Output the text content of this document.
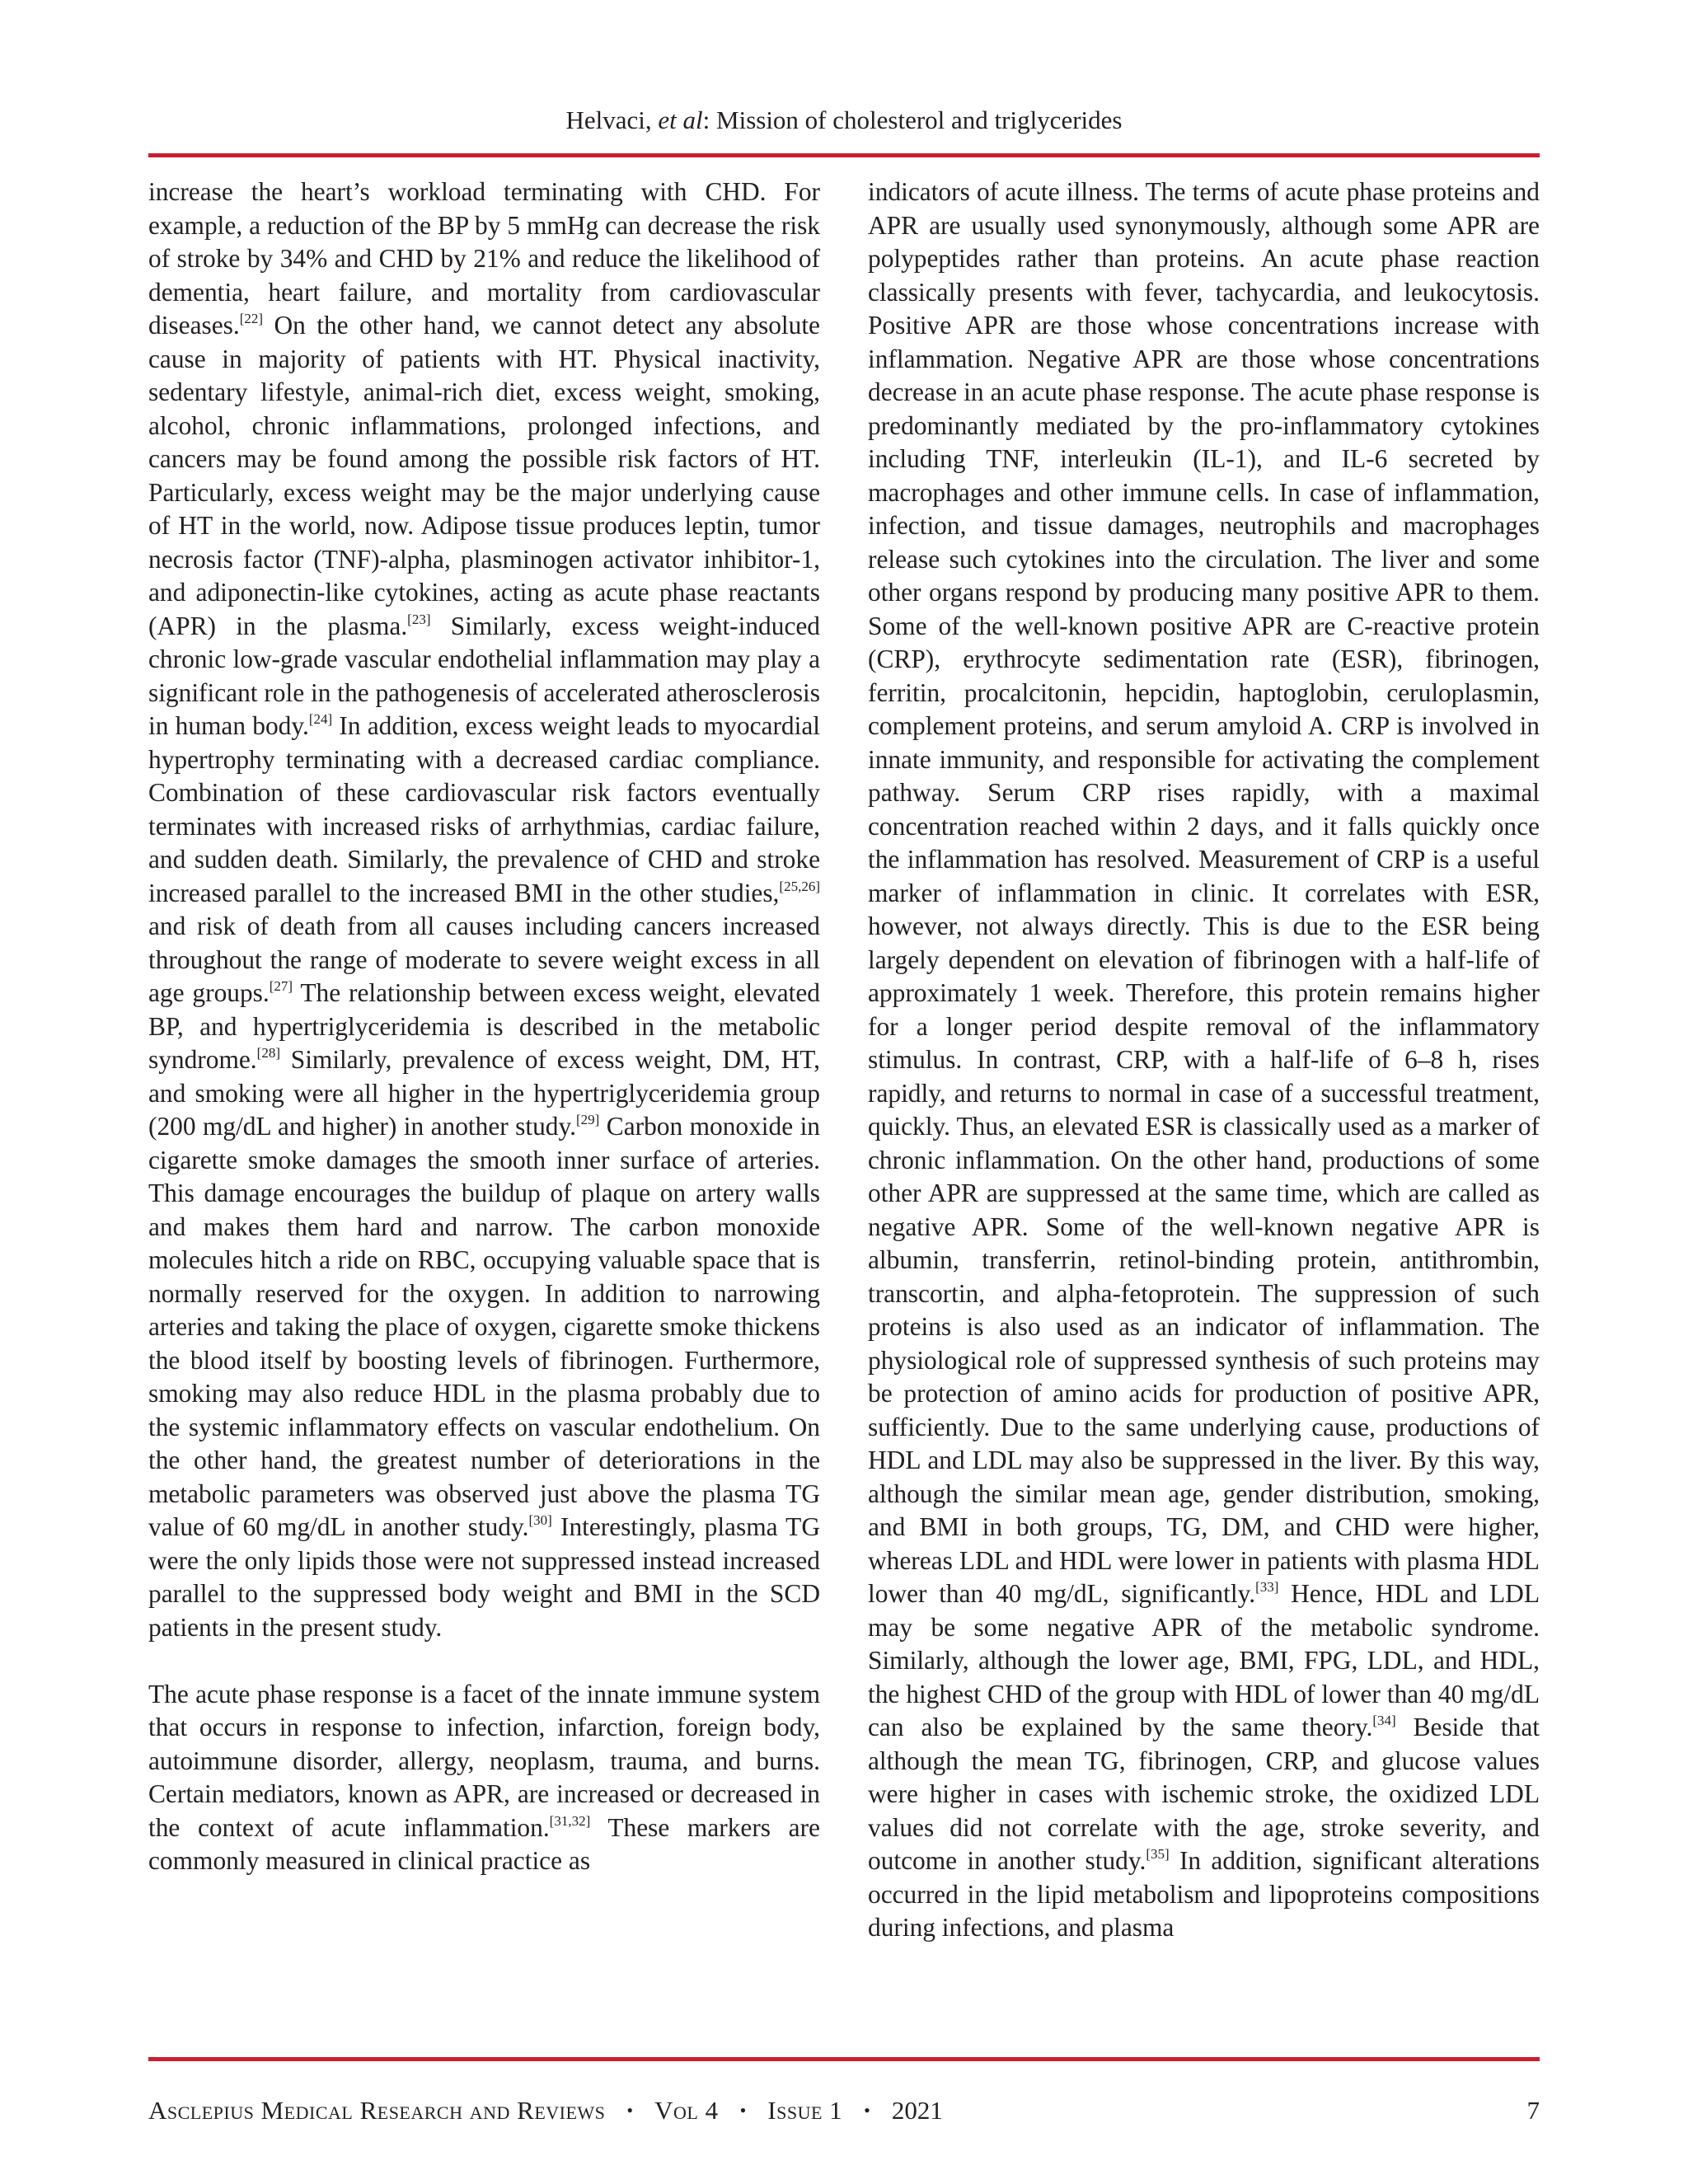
Helvaci, et al: Mission of cholesterol and triglycerides

increase the heart’s workload terminating with CHD. For example, a reduction of the BP by 5 mmHg can decrease the risk of stroke by 34% and CHD by 21% and reduce the likelihood of dementia, heart failure, and mortality from cardiovascular diseases.[22] On the other hand, we cannot detect any absolute cause in majority of patients with HT. Physical inactivity, sedentary lifestyle, animal-rich diet, excess weight, smoking, alcohol, chronic inflammations, prolonged infections, and cancers may be found among the possible risk factors of HT. Particularly, excess weight may be the major underlying cause of HT in the world, now. Adipose tissue produces leptin, tumor necrosis factor (TNF)-alpha, plasminogen activator inhibitor-1, and adiponectin-like cytokines, acting as acute phase reactants (APR) in the plasma.[23] Similarly, excess weight-induced chronic low-grade vascular endothelial inflammation may play a significant role in the pathogenesis of accelerated atherosclerosis in human body.[24] In addition, excess weight leads to myocardial hypertrophy terminating with a decreased cardiac compliance. Combination of these cardiovascular risk factors eventually terminates with increased risks of arrhythmias, cardiac failure, and sudden death. Similarly, the prevalence of CHD and stroke increased parallel to the increased BMI in the other studies,[25,26] and risk of death from all causes including cancers increased throughout the range of moderate to severe weight excess in all age groups.[27] The relationship between excess weight, elevated BP, and hypertriglyceridemia is described in the metabolic syndrome.[28] Similarly, prevalence of excess weight, DM, HT, and smoking were all higher in the hypertriglyceridemia group (200 mg/dL and higher) in another study.[29] Carbon monoxide in cigarette smoke damages the smooth inner surface of arteries. This damage encourages the buildup of plaque on artery walls and makes them hard and narrow. The carbon monoxide molecules hitch a ride on RBC, occupying valuable space that is normally reserved for the oxygen. In addition to narrowing arteries and taking the place of oxygen, cigarette smoke thickens the blood itself by boosting levels of fibrinogen. Furthermore, smoking may also reduce HDL in the plasma probably due to the systemic inflammatory effects on vascular endothelium. On the other hand, the greatest number of deteriorations in the metabolic parameters was observed just above the plasma TG value of 60 mg/dL in another study.[30] Interestingly, plasma TG were the only lipids those were not suppressed instead increased parallel to the suppressed body weight and BMI in the SCD patients in the present study.

The acute phase response is a facet of the innate immune system that occurs in response to infection, infarction, foreign body, autoimmune disorder, allergy, neoplasm, trauma, and burns. Certain mediators, known as APR, are increased or decreased in the context of acute inflammation.[31,32] These markers are commonly measured in clinical practice as

indicators of acute illness. The terms of acute phase proteins and APR are usually used synonymously, although some APR are polypeptides rather than proteins. An acute phase reaction classically presents with fever, tachycardia, and leukocytosis. Positive APR are those whose concentrations increase with inflammation. Negative APR are those whose concentrations decrease in an acute phase response. The acute phase response is predominantly mediated by the pro-inflammatory cytokines including TNF, interleukin (IL-1), and IL-6 secreted by macrophages and other immune cells. In case of inflammation, infection, and tissue damages, neutrophils and macrophages release such cytokines into the circulation. The liver and some other organs respond by producing many positive APR to them. Some of the well-known positive APR are C-reactive protein (CRP), erythrocyte sedimentation rate (ESR), fibrinogen, ferritin, procalcitonin, hepcidin, haptoglobin, ceruloplasmin, complement proteins, and serum amyloid A. CRP is involved in innate immunity, and responsible for activating the complement pathway. Serum CRP rises rapidly, with a maximal concentration reached within 2 days, and it falls quickly once the inflammation has resolved. Measurement of CRP is a useful marker of inflammation in clinic. It correlates with ESR, however, not always directly. This is due to the ESR being largely dependent on elevation of fibrinogen with a half-life of approximately 1 week. Therefore, this protein remains higher for a longer period despite removal of the inflammatory stimulus. In contrast, CRP, with a half-life of 6–8 h, rises rapidly, and returns to normal in case of a successful treatment, quickly. Thus, an elevated ESR is classically used as a marker of chronic inflammation. On the other hand, productions of some other APR are suppressed at the same time, which are called as negative APR. Some of the well-known negative APR is albumin, transferrin, retinol-binding protein, antithrombin, transcortin, and alpha-fetoprotein. The suppression of such proteins is also used as an indicator of inflammation. The physiological role of suppressed synthesis of such proteins may be protection of amino acids for production of positive APR, sufficiently. Due to the same underlying cause, productions of HDL and LDL may also be suppressed in the liver. By this way, although the similar mean age, gender distribution, smoking, and BMI in both groups, TG, DM, and CHD were higher, whereas LDL and HDL were lower in patients with plasma HDL lower than 40 mg/dL, significantly.[33] Hence, HDL and LDL may be some negative APR of the metabolic syndrome. Similarly, although the lower age, BMI, FPG, LDL, and HDL, the highest CHD of the group with HDL of lower than 40 mg/dL can also be explained by the same theory.[34] Beside that although the mean TG, fibrinogen, CRP, and glucose values were higher in cases with ischemic stroke, the oxidized LDL values did not correlate with the age, stroke severity, and outcome in another study.[35] In addition, significant alterations occurred in the lipid metabolism and lipoproteins compositions during infections, and plasma

Asclepius Medical Research and Reviews • Vol 4 • Issue 1 • 2021	7
